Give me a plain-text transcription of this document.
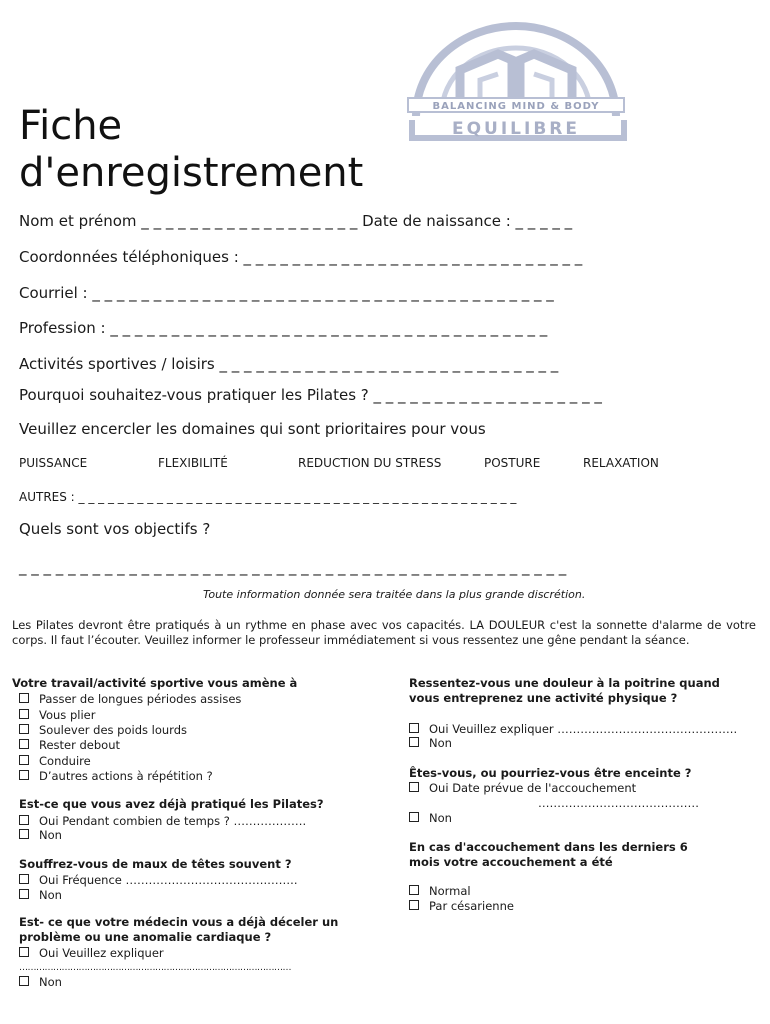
BALANCING MIND & BODY
EQUILIBRE
Fiche
d'enregistrement
Nom et prénom _ _ _ _ _ _ _ _ _ _ _ _ _ _ _ _ _ _ Date de naissance : _ _ _ _ _
Coordonnées téléphoniques : _ _ _ _ _ _ _ _ _ _ _ _ _ _ _ _ _ _ _ _ _ _ _ _ _ _ _ _
Courriel : _ _ _ _ _ _ _ _ _ _ _ _ _ _ _ _ _ _ _ _ _ _ _ _ _ _ _ _ _ _ _ _ _ _ _ _ _ _
Profession : _ _ _ _ _ _ _ _ _ _ _ _ _ _ _ _ _ _ _ _ _ _ _ _ _ _ _ _ _ _ _ _ _ _ _ _
Activités sportives / loisirs _ _ _ _ _ _ _ _ _ _ _ _ _ _ _ _ _ _ _ _ _ _ _ _ _ _ _ _
Pourquoi souhaitez-vous pratiquer les Pilates ? _ _ _ _ _ _ _ _ _ _ _ _ _ _ _ _ _ _ _
Veuillez encercler les domaines qui sont prioritaires pour vous
PUISSANCE	FLEXIBILITÉ	REDUCTION DU STRESS	POSTURE	RELAXATION
AUTRES : _ _ _ _ _ _ _ _ _ _ _ _ _ _ _ _ _ _ _ _ _ _ _ _ _ _ _ _ _ _ _ _ _ _ _ _ _ _ _ _ _ _ _ _ _
Quels sont vos objectifs ?
_ _ _ _ _ _ _ _ _ _ _ _ _ _ _ _ _ _ _ _ _ _ _ _ _ _ _ _ _ _ _ _ _ _ _ _ _ _ _ _ _ _ _ _ _
Toute information donnée sera traitée dans la plus grande discrétion.
Les Pilates devront être pratiqués à un rythme en phase avec vos capacités. LA DOULEUR c'est la sonnette d'alarme de votre corps. Il faut l’écouter. Veuillez informer le professeur immédiatement si vous ressentez une gêne pendant la séance.
Votre travail/activité sportive vous amène à
Passer de longues périodes assises
Vous plier
Soulever des poids lourds
Rester debout
Conduire
D’autres actions à répétition ?
Est-ce que vous avez déjà pratiqué les Pilates?
Oui Pendant combien de temps ? ……………….
Non
Souffrez-vous de maux de têtes souvent ?
Oui Fréquence ……………………………….……..
Non
Est- ce que votre médecin vous a déjà déceler un problème ou une anomalie cardiaque ?
Oui Veuillez expliquer
……………………………………………………………………………………
Non
Ressentez-vous une douleur à la poitrine quand vous entreprenez une activité physique ?
Oui Veuillez expliquer ………………………………………..
Non
Êtes-vous, ou pourriez-vous être enceinte ?
Oui Date prévue de l'accouchement
……………………………………
Non
En cas d'accouchement dans les derniers 6 mois votre accouchement a été
Normal
Par césarienne
